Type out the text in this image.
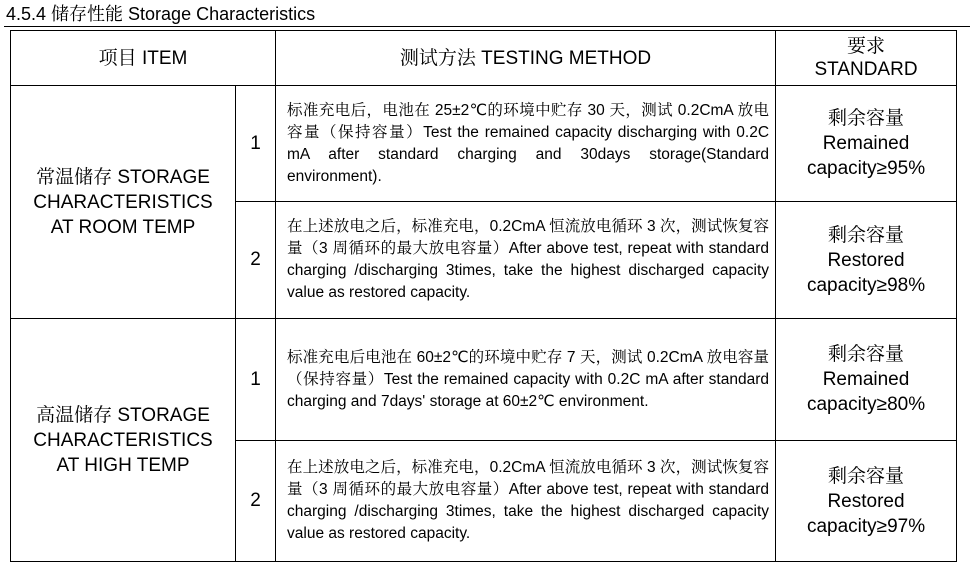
4.5.4 储存性能 Storage Characteristics
项目 ITEM		测试方法 TESTING METHOD	要求
STANDARD

常温储存 STORAGE
CHARACTERISTICS
AT ROOM TEMP	1	标准充电后，电池在 25±2℃的环境中贮存 30 天，测试 0.2CmA 放电容量（保持容量）Test the remained capacity discharging with 0.2C mA after standard charging and 30days storage(Standard environment).	剩余容量
Remained
capacity≥95%

	2	在上述放电之后，标准充电，0.2CmA 恒流放电循环 3 次，测试恢复容量（3 周循环的最大放电容量）After above test, repeat with standard charging /discharging 3times, take the highest discharged capacity value as restored capacity.	剩余容量
Restored
capacity≥98%

高温储存 STORAGE
CHARACTERISTICS
AT HIGH TEMP	1	标准充电后电池在 60±2℃的环境中贮存 7 天，测试 0.2CmA 放电容量（保持容量）Test the remained capacity with 0.2C mA after standard charging and 7days' storage at 60±2℃ environment.	剩余容量
Remained
capacity≥80%

	2	在上述放电之后，标准充电，0.2CmA 恒流放电循环 3 次，测试恢复容量（3 周循环的最大放电容量）After above test, repeat with standard charging /discharging 3times, take the highest discharged capacity value as restored capacity.	剩余容量
Restored
capacity≥97%
